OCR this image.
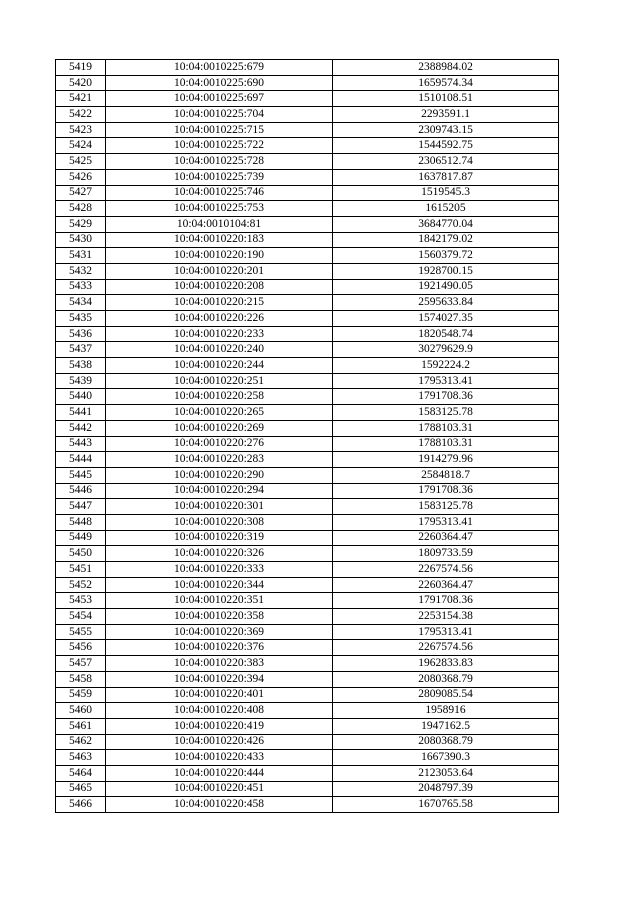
5419	10:04:0010225:679	2388984.02
5420	10:04:0010225:690	1659574.34
5421	10:04:0010225:697	1510108.51
5422	10:04:0010225:704	2293591.1
5423	10:04:0010225:715	2309743.15
5424	10:04:0010225:722	1544592.75
5425	10:04:0010225:728	2306512.74
5426	10:04:0010225:739	1637817.87
5427	10:04:0010225:746	1519545.3
5428	10:04:0010225:753	1615205
5429	10:04:0010104:81	3684770.04
5430	10:04:0010220:183	1842179.02
5431	10:04:0010220:190	1560379.72
5432	10:04:0010220:201	1928700.15
5433	10:04:0010220:208	1921490.05
5434	10:04:0010220:215	2595633.84
5435	10:04:0010220:226	1574027.35
5436	10:04:0010220:233	1820548.74
5437	10:04:0010220:240	30279629.9
5438	10:04:0010220:244	1592224.2
5439	10:04:0010220:251	1795313.41
5440	10:04:0010220:258	1791708.36
5441	10:04:0010220:265	1583125.78
5442	10:04:0010220:269	1788103.31
5443	10:04:0010220:276	1788103.31
5444	10:04:0010220:283	1914279.96
5445	10:04:0010220:290	2584818.7
5446	10:04:0010220:294	1791708.36
5447	10:04:0010220:301	1583125.78
5448	10:04:0010220:308	1795313.41
5449	10:04:0010220:319	2260364.47
5450	10:04:0010220:326	1809733.59
5451	10:04:0010220:333	2267574.56
5452	10:04:0010220:344	2260364.47
5453	10:04:0010220:351	1791708.36
5454	10:04:0010220:358	2253154.38
5455	10:04:0010220:369	1795313.41
5456	10:04:0010220:376	2267574.56
5457	10:04:0010220:383	1962833.83
5458	10:04:0010220:394	2080368.79
5459	10:04:0010220:401	2809085.54
5460	10:04:0010220:408	1958916
5461	10:04:0010220:419	1947162.5
5462	10:04:0010220:426	2080368.79
5463	10:04:0010220:433	1667390.3
5464	10:04:0010220:444	2123053.64
5465	10:04:0010220:451	2048797.39
5466	10:04:0010220:458	1670765.58
